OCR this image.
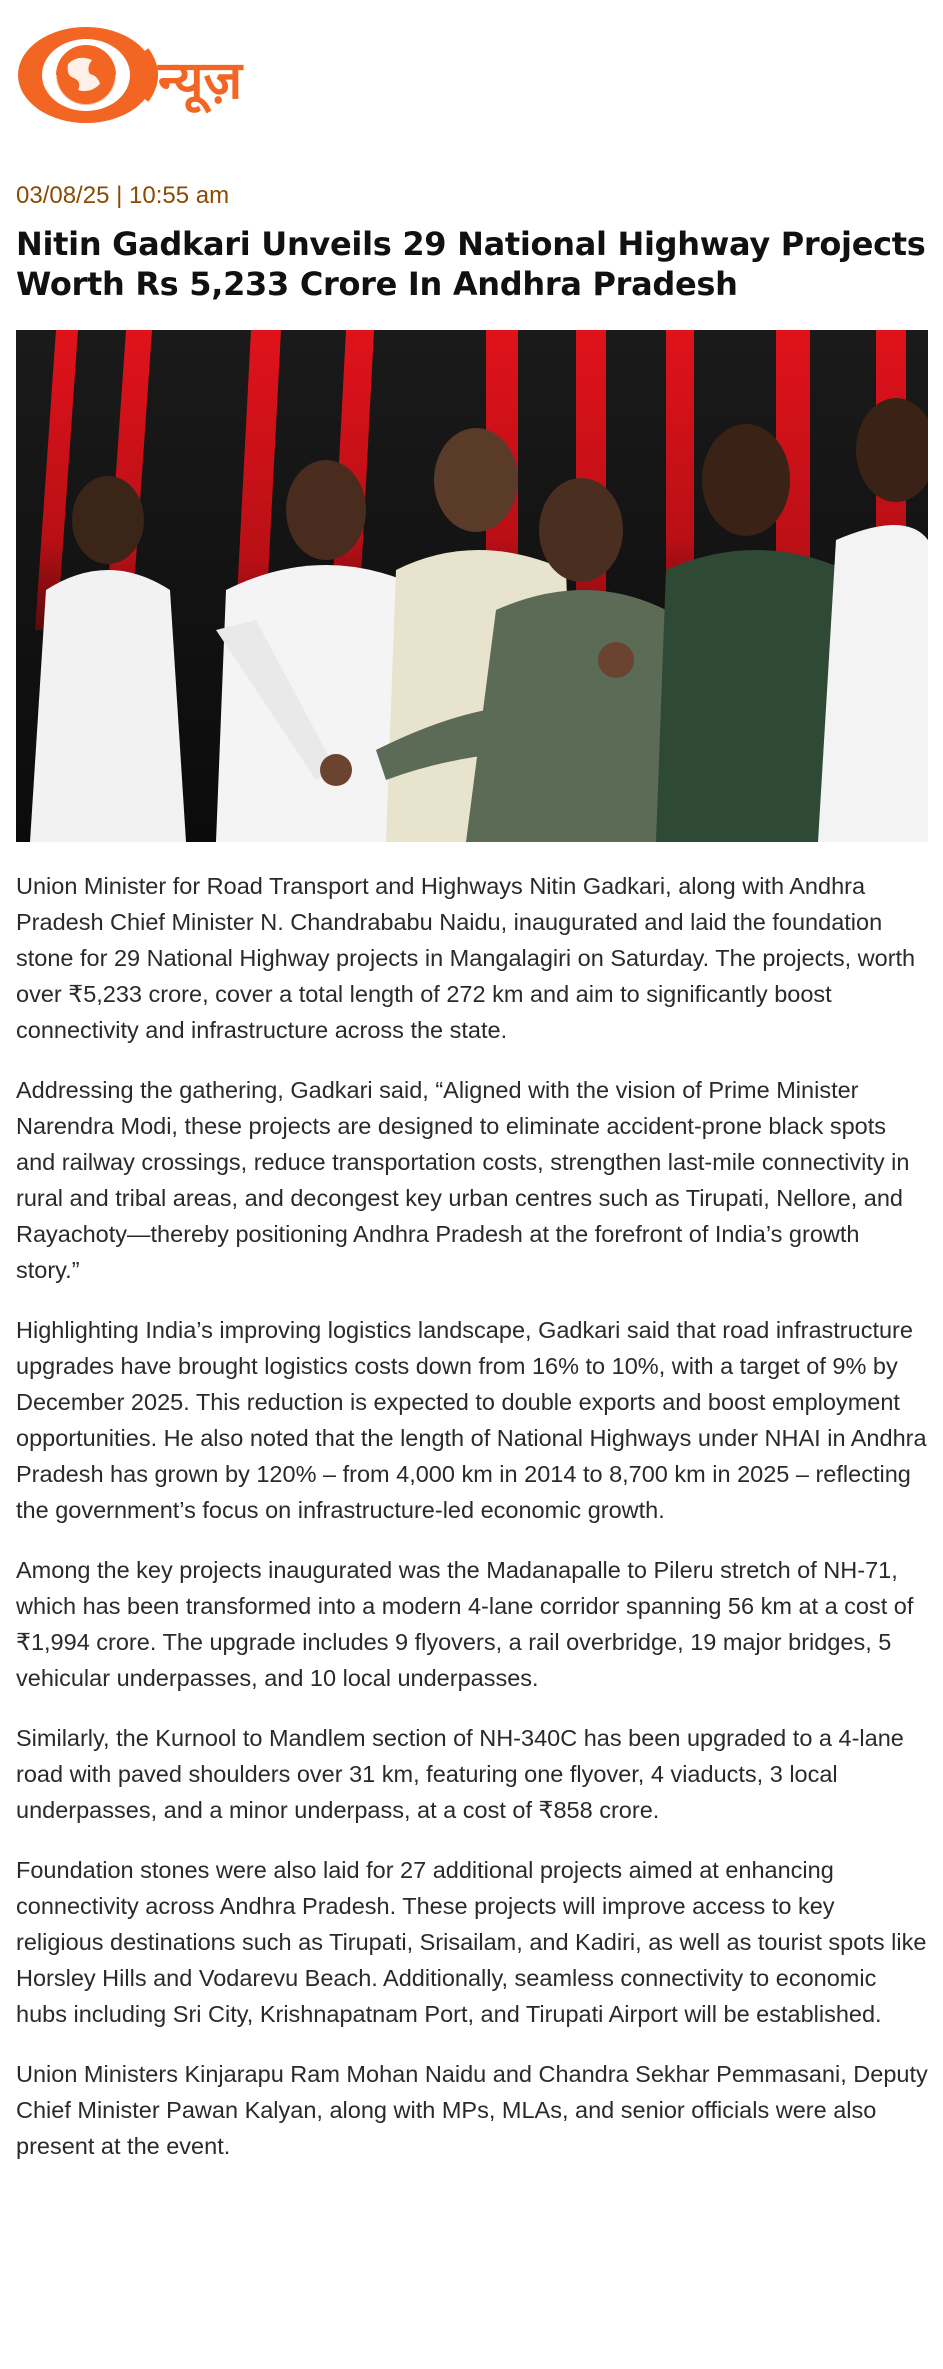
न्यूज़
03/08/25 | 10:55 am
Nitin Gadkari Unveils 29 National Highway Projects Worth Rs 5,233 Crore In Andhra Pradesh

Union Minister for Road Transport and Highways Nitin Gadkari, along with Andhra Pradesh Chief Minister N. Chandrababu Naidu, inaugurated and laid the foundation stone for 29 National Highway projects in Mangalagiri on Saturday. The projects, worth over ₹5,233 crore, cover a total length of 272 km and aim to significantly boost connectivity and infrastructure across the state.

Addressing the gathering, Gadkari said, “Aligned with the vision of Prime Minister Narendra Modi, these projects are designed to eliminate accident-prone black spots and railway crossings, reduce transportation costs, strengthen last-mile connectivity in rural and tribal areas, and decongest key urban centres such as Tirupati, Nellore, and Rayachoty—thereby positioning Andhra Pradesh at the forefront of India’s growth story.”

Highlighting India’s improving logistics landscape, Gadkari said that road infrastructure upgrades have brought logistics costs down from 16% to 10%, with a target of 9% by December 2025. This reduction is expected to double exports and boost employment opportunities. He also noted that the length of National Highways under NHAI in Andhra Pradesh has grown by 120% – from 4,000 km in 2014 to 8,700 km in 2025 – reflecting the government’s focus on infrastructure-led economic growth.

Among the key projects inaugurated was the Madanapalle to Pileru stretch of NH-71, which has been transformed into a modern 4-lane corridor spanning 56 km at a cost of ₹1,994 crore. The upgrade includes 9 flyovers, a rail overbridge, 19 major bridges, 5 vehicular underpasses, and 10 local underpasses.

Similarly, the Kurnool to Mandlem section of NH-340C has been upgraded to a 4-lane road with paved shoulders over 31 km, featuring one flyover, 4 viaducts, 3 local underpasses, and a minor underpass, at a cost of ₹858 crore.

Foundation stones were also laid for 27 additional projects aimed at enhancing connectivity across Andhra Pradesh. These projects will improve access to key religious destinations such as Tirupati, Srisailam, and Kadiri, as well as tourist spots like Horsley Hills and Vodarevu Beach. Additionally, seamless connectivity to economic hubs including Sri City, Krishnapatnam Port, and Tirupati Airport will be established.

Union Ministers Kinjarapu Ram Mohan Naidu and Chandra Sekhar Pemmasani, Deputy Chief Minister Pawan Kalyan, along with MPs, MLAs, and senior officials were also present at the event.
